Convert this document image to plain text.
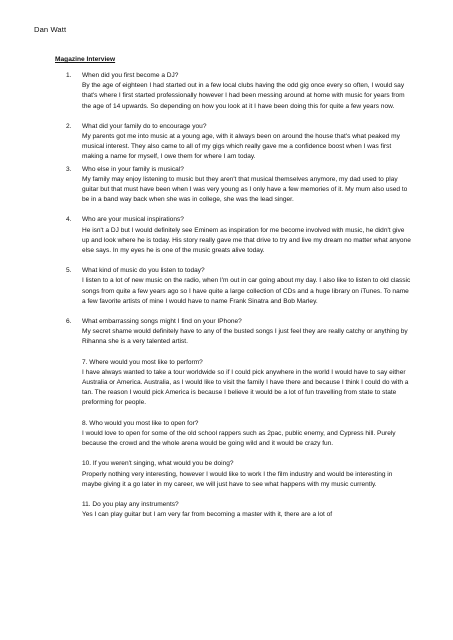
Dan Watt
Magazine Interview
1. When did you first become a DJ?

By the age of eighteen I had started out in a few local clubs having the odd gig once every so often, I would say that's where I first started professionally however I had been messing around at home with music for years from the age of 14 upwards. So depending on how you look at it I have been doing this for quite a few years now.

2. What did your family do to encourage you?

My parents got me into music at a young age, with it always been on around the house that's what peaked my musical interest. They also came to all of my gigs which really gave me a confidence boost when I was first making a name for myself, I owe them for where I am today.

3. Who else in your family is musical?

My family may enjoy listening to music but they aren't that musical themselves anymore, my dad used to play guitar but that must have been when I was very young as I only have a few memories of it. My mum also used to be in a band way back when she was in college, she was the lead singer.

4. Who are your musical inspirations?

He isn't a DJ but I would definitely see Eminem as inspiration for me become involved with music, he didn't give up and look where he is today. His story really gave me that drive to try and live my dream no matter what anyone else says. In my eyes he is one of the music greats alive today.

5. What kind of music do you listen to today?

I listen to a lot of new music on the radio, when I'm out in car going about my day. I also like to listen to old classic songs from quite a few years ago so I have quite a large collection of CDs and a huge library on iTunes. To name a few favorite artists of mine I would have to name Frank Sinatra and Bob Marley.

6. What embarrassing songs might I find on your IPhone?

My secret shame would definitely have to any of the busted songs I just feel they are really catchy or anything by Rihanna she is a very talented artist.

7. Where would you most like to perform?

I have always wanted to take a tour worldwide so if I could pick anywhere in the world I would have to say either Australia or America. Australia, as I would like to visit the family I have there and because I think I could do with a tan. The reason I would pick America is because I believe it would be a lot of fun travelling from state to state preforming for people.

8. Who would you most like to open for?

I would love to open for some of the old school rappers such as 2pac, public enemy, and Cypress hill. Purely because the crowd and the whole arena would be going wild and it would be crazy fun.

10. If you weren't singing, what would you be doing?

Properly nothing very interesting, however I would like to work I the film industry and would be interesting in maybe giving it a go later in my career, we will just have to see what happens with my music currently.

11. Do you play any instruments?

Yes I can play guitar but I am very far from becoming a master with it, there are a lot of
